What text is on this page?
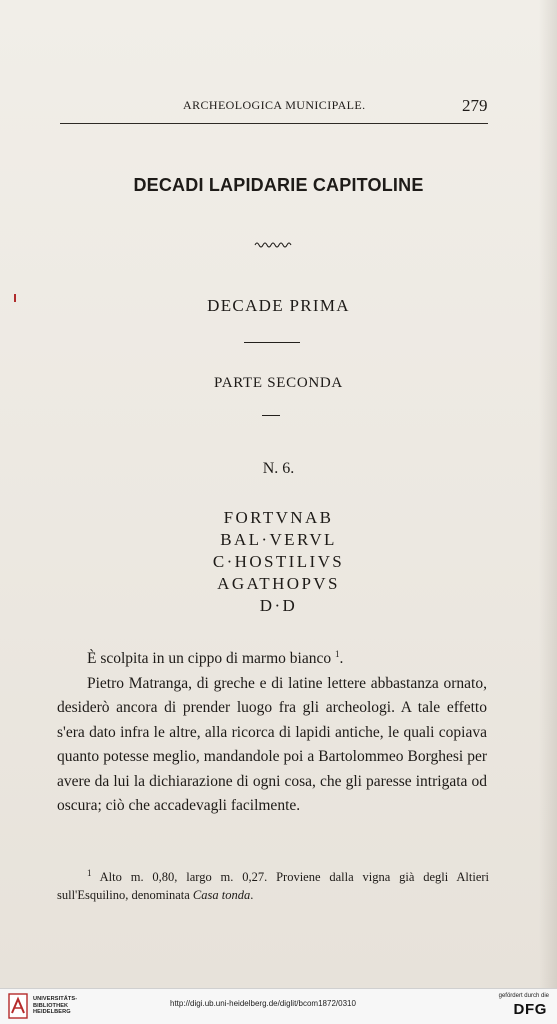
ARCHEOLOGICA MUNICIPALE.	279
DECADI LAPIDARIE CAPITOLINE
DECADE PRIMA
PARTE SECONDA
N. 6.
FORTVNAB
BAL·VERVL
C·HOSTILIVS
AGATHOPVS
D·D

È scolpita in un cippo di marmo bianco $^1$.

Pietro Matranga, di greche e di latine lettere abbastanza ornato, desiderò ancora di prender luogo fra gli archeologi. A tale effetto s'era dato infra le altre, alla ricorca di lapidi antiche, le quali copiava quanto potesse meglio, mandandole poi a Bartolommeo Borghesi per avere da lui la dichiarazione di ogni cosa, che gli paresse intrigata od oscura; ciò che accadevagli facilmente.

$^1$ Alto m. 0,80, largo m. 0,27. Proviene dalla vigna già degli Altieri sull'Esquilino, denominata Casa tonda.

UNIVERSITÄTS-
BIBLIOTHEK
HEIDELBERG
http://digi.ub.uni-heidelberg.de/diglit/bcom1872/0310
gefördert durch die
DFG
